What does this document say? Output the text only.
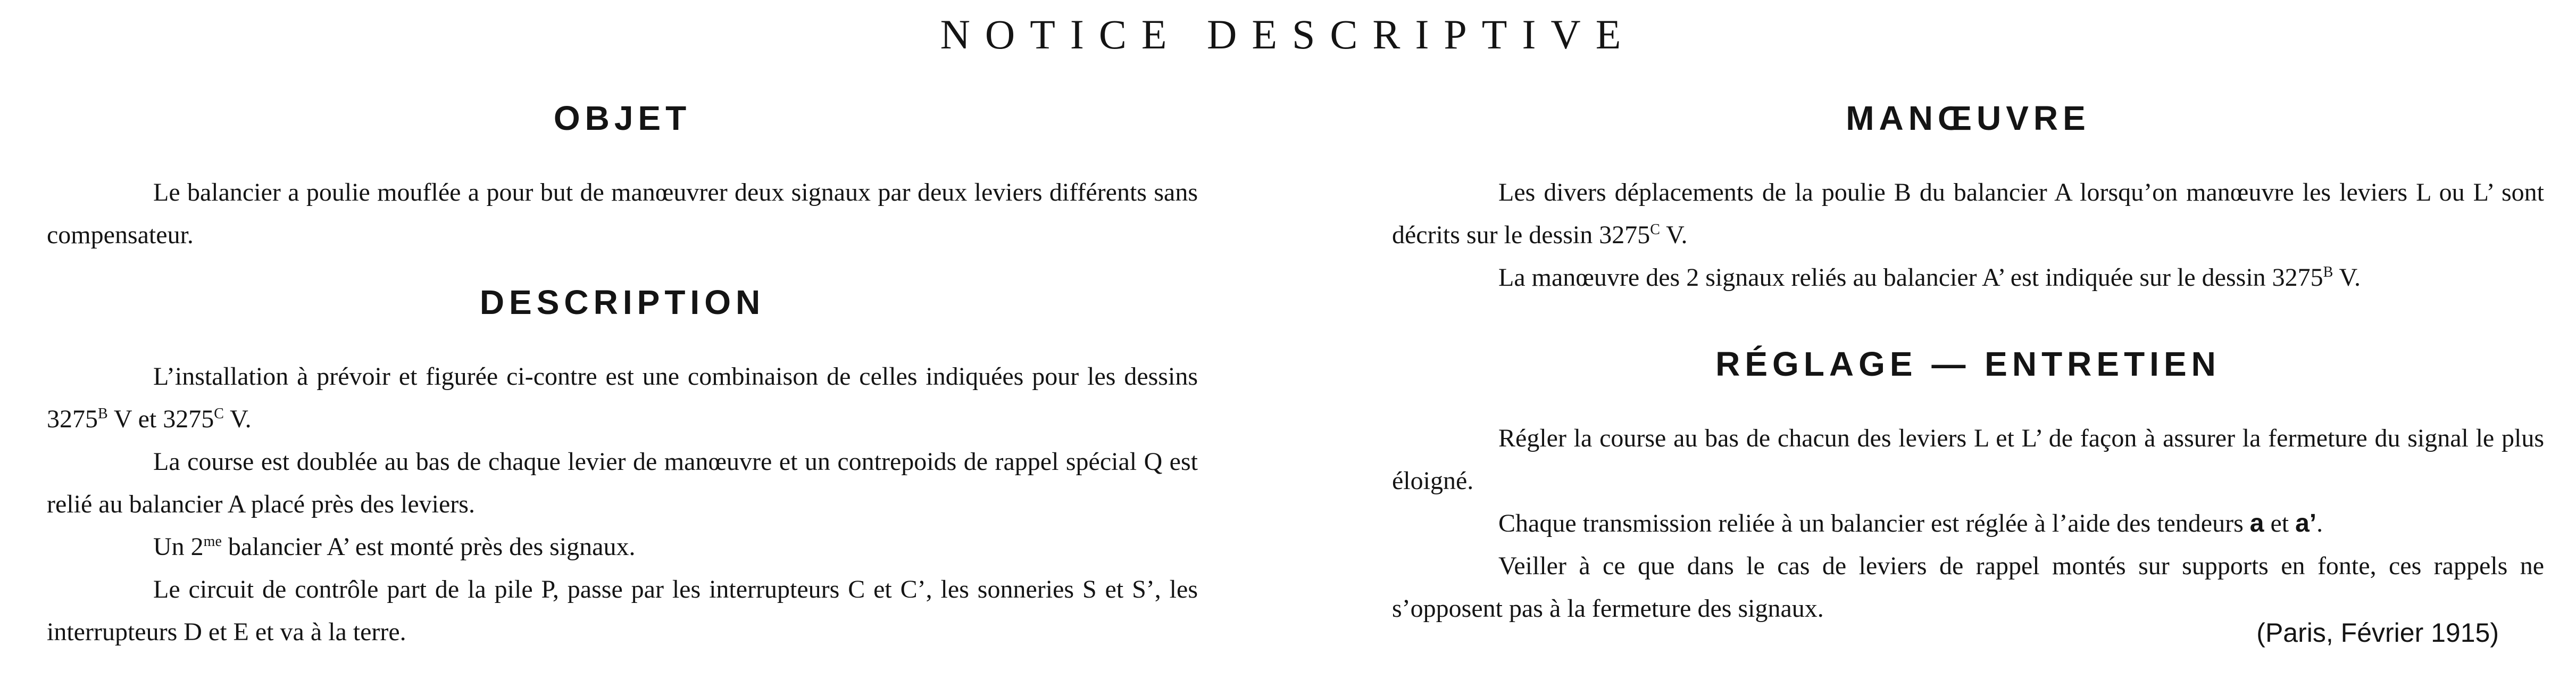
NOTICE DESCRIPTIVE
OBJET

Le balancier a poulie mouflée a pour but de manœuvrer deux signaux par deux leviers différents sans compensateur.

DESCRIPTION

L’installation à prévoir et figurée ci-contre est une combinaison de celles indiquées pour les dessins $3275^B$ V et $3275^C$ V.

La course est doublée au bas de chaque levier de manœuvre et un contrepoids de rappel spécial Q est relié au balancier A placé près des leviers.

Un $2^{me}$ balancier A’ est monté près des signaux.

Le circuit de contrôle part de la pile P, passe par les interrupteurs C et C’, les sonneries S et S’, les interrupteurs D et E et va à la terre.

MANŒUVRE

Les divers déplacements de la poulie B du balancier A lorsqu’on manœuvre les leviers L ou L’ sont décrits sur le dessin $3275^C$ V.

La manœuvre des 2 signaux reliés au balancier A’ est indiquée sur le dessin $3275^B$ V.

RÉGLAGE — ENTRETIEN

Régler la course au bas de chacun des leviers L et L’ de façon à assurer la fermeture du signal le plus éloigné.

Chaque transmission reliée à un balancier est réglée à l’aide des tendeurs a et a’.

Veiller à ce que dans le cas de leviers de rappel montés sur supports en fonte, ces rappels ne s’opposent pas à la fermeture des signaux.

(Paris, Février 1915)
